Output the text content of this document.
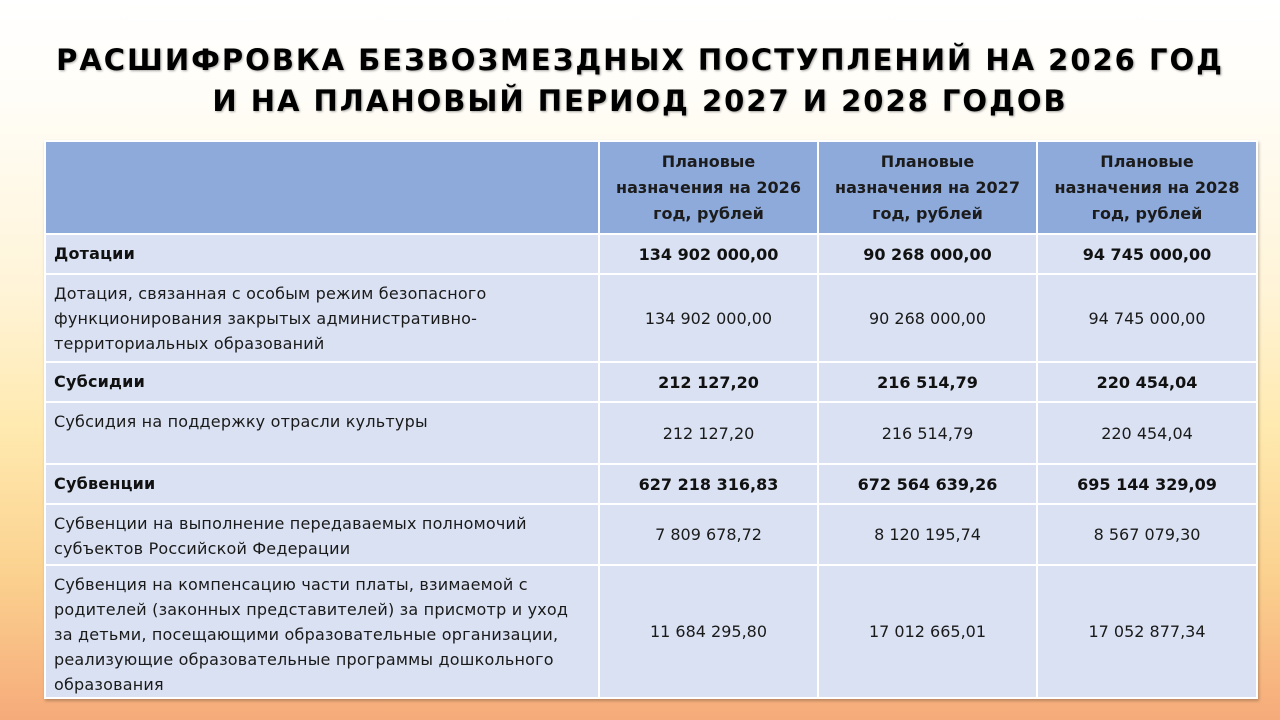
РАСШИФРОВКА БЕЗВОЗМЕЗДНЫХ ПОСТУПЛЕНИЙ НА 2026 ГОД
И НА ПЛАНОВЫЙ ПЕРИОД 2027 И 2028 ГОДОВ
	Плановые назначения на 2026 год, рублей	Плановые назначения на 2027 год, рублей	Плановые назначения на 2028 год, рублей
Дотации	134 902 000,00	90 268 000,00	94 745 000,00
Дотация, связанная с особым режим безопасного функционирования закрытых административно-территориальных образований	134 902 000,00	90 268 000,00	94 745 000,00
Субсидии	212 127,20	216 514,79	220 454,04
Субсидия на поддержку отрасли культуры	212 127,20	216 514,79	220 454,04
Субвенции	627 218 316,83	672 564 639,26	695 144 329,09
Субвенции на выполнение передаваемых полномочий субъектов Российской Федерации	7 809 678,72	8 120 195,74	8 567 079,30
Субвенция на компенсацию части платы, взимаемой с родителей (законных представителей) за присмотр и уход за детьми, посещающими образовательные организации, реализующие образовательные программы дошкольного образования	11 684 295,80	17 012 665,01	17 052 877,34
